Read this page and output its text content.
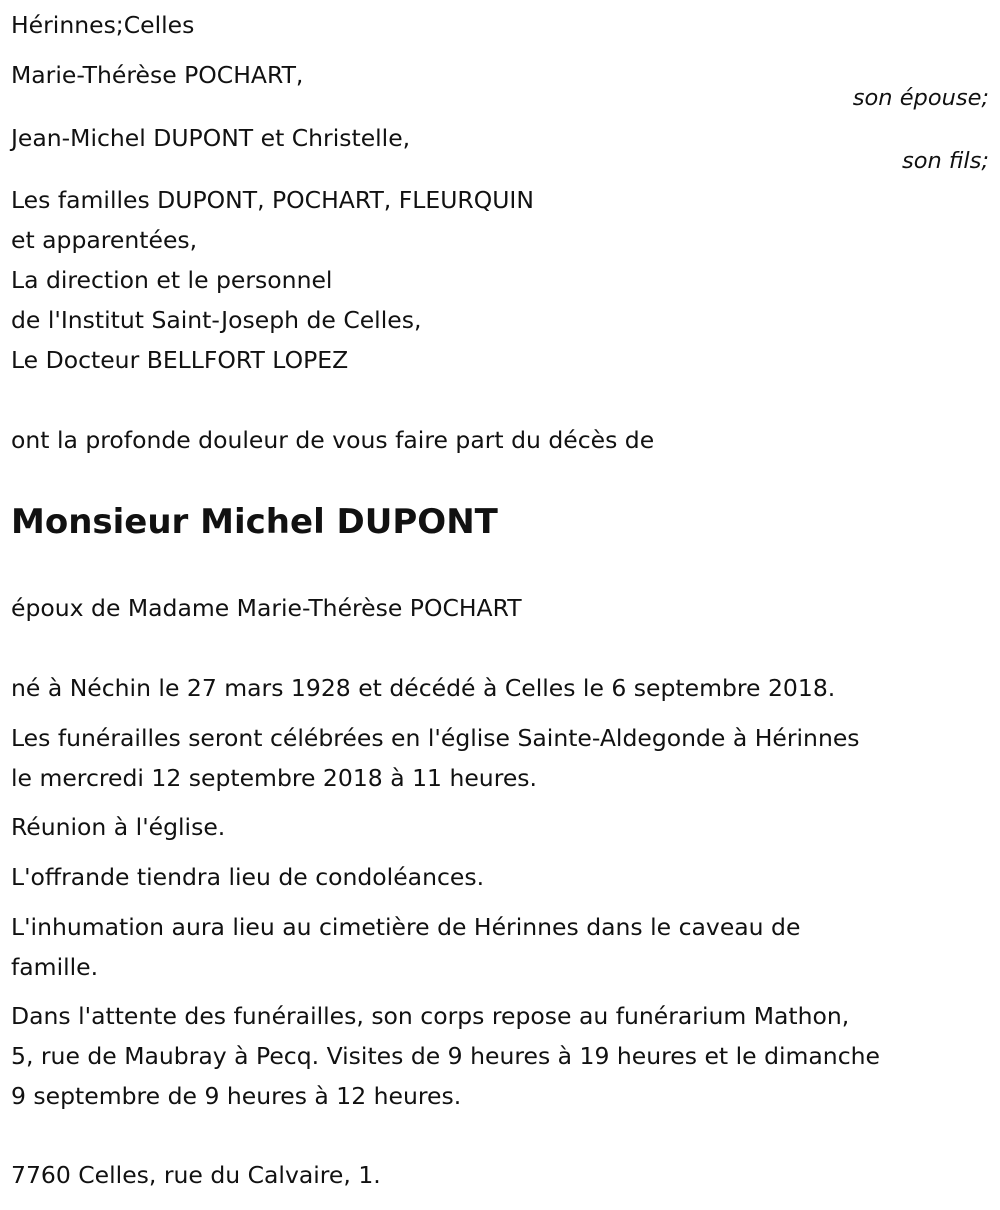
Hérinnes;Celles
Marie-Thérèse POCHART,
son épouse;
Jean-Michel DUPONT et Christelle,
son fils;
Les familles DUPONT, POCHART, FLEURQUIN
et apparentées,
La direction et le personnel
de l'Institut Saint-Joseph de Celles,
Le Docteur BELLFORT LOPEZ
ont la profonde douleur de vous faire part du décès de
Monsieur Michel DUPONT
époux de Madame Marie-Thérèse POCHART
né à Néchin le 27 mars 1928 et décédé à Celles le 6 septembre 2018.
Les funérailles seront célébrées en l'église Sainte-Aldegonde à Hérinnes
le mercredi 12 septembre 2018 à 11 heures.
Réunion à l'église.
L'offrande tiendra lieu de condoléances.
L'inhumation aura lieu au cimetière de Hérinnes dans le caveau de
famille.
Dans l'attente des funérailles, son corps repose au funérarium Mathon,
5, rue de Maubray à Pecq. Visites de 9 heures à 19 heures et le dimanche
9 septembre de 9 heures à 12 heures.
7760 Celles, rue du Calvaire, 1.
